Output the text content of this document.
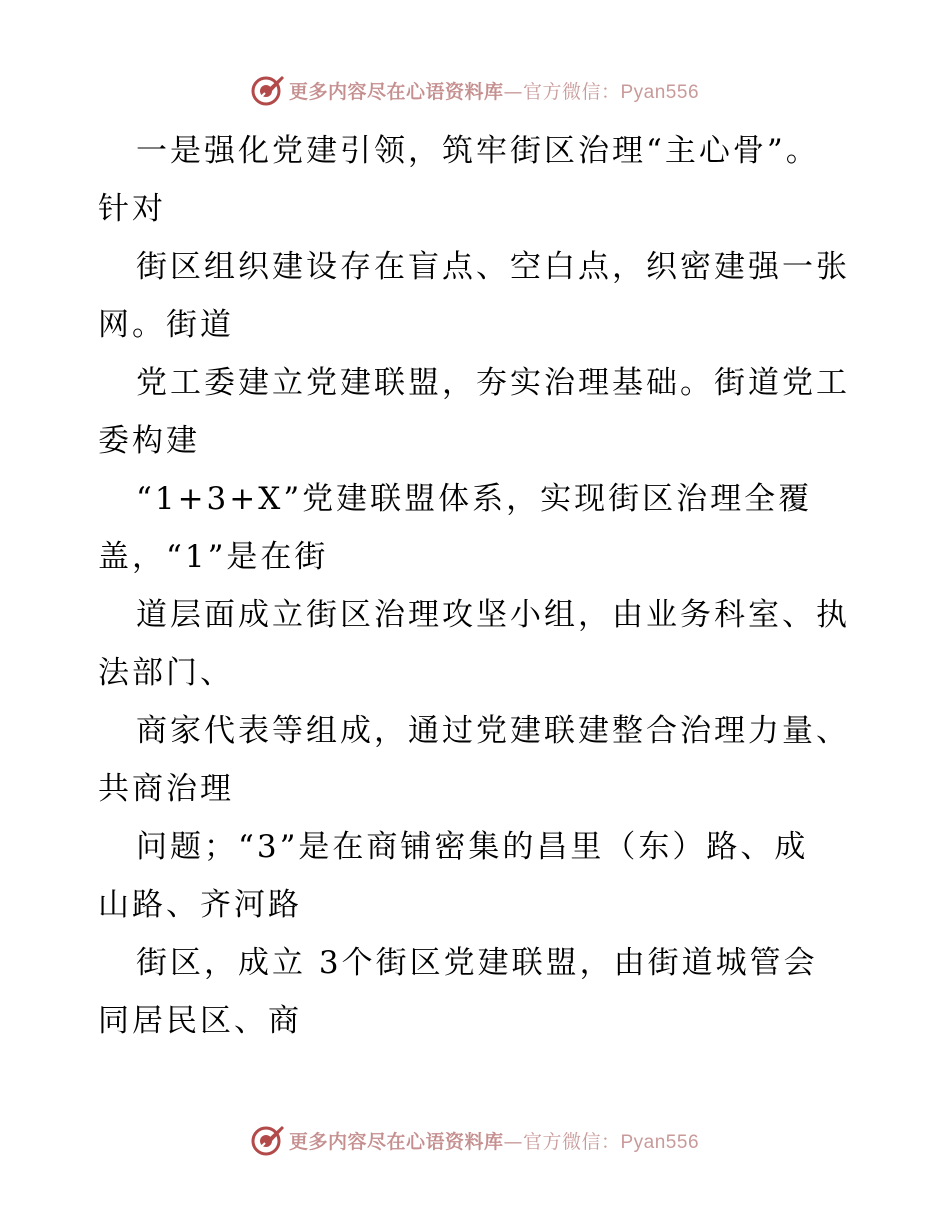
更多内容尽在心语资料库—官方微信：Pyan556
一是强化党建引领，筑牢街区治理“主心骨”。
针对
街区组织建设存在盲点、空白点，织密建强一张
网。街道
党工委建立党建联盟，夯实治理基础。街道党工
委构建
“1+3+X”党建联盟体系，实现街区治理全覆
盖，“1”是在街
道层面成立街区治理攻坚小组，由业务科室、执
法部门、
商家代表等组成，通过党建联建整合治理力量、
共商治理
问题；“3”是在商铺密集的昌里（东）路、成
山路、齐河路
街区，成立 3个街区党建联盟，由街道城管会
同居民区、商
更多内容尽在心语资料库—官方微信：Pyan556
